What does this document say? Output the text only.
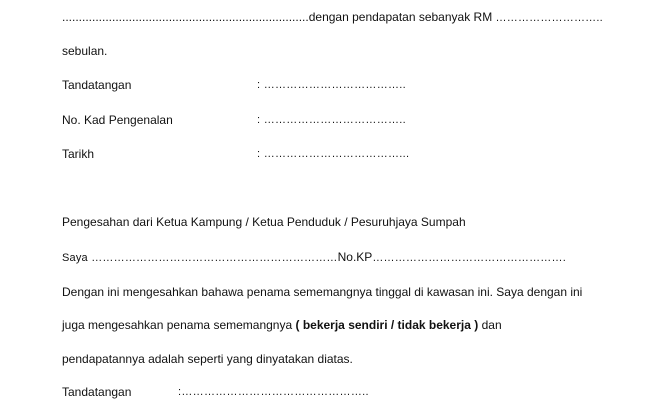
..........................................................................dengan pendapatan sebanyak RM ………………………..
sebulan.
Tandatangan	: ………………………………..
No. Kad Pengenalan	: ………………………………..
Tarikh	: ………………………………...
Pengesahan dari Ketua Kampung / Ketua Penduduk / Pesuruhjaya Sumpah
Saya …………………………………………………………No.KP…………………………………………….
Dengan ini mengesahkan bahawa penama sememangnya tinggal di kawasan ini. Saya dengan ini
juga mengesahkan penama sememangnya ( bekerja sendiri / tidak bekerja ) dan
pendapatannya adalah seperti yang dinyatakan diatas.
Tandatangan	:…………………………………………..
